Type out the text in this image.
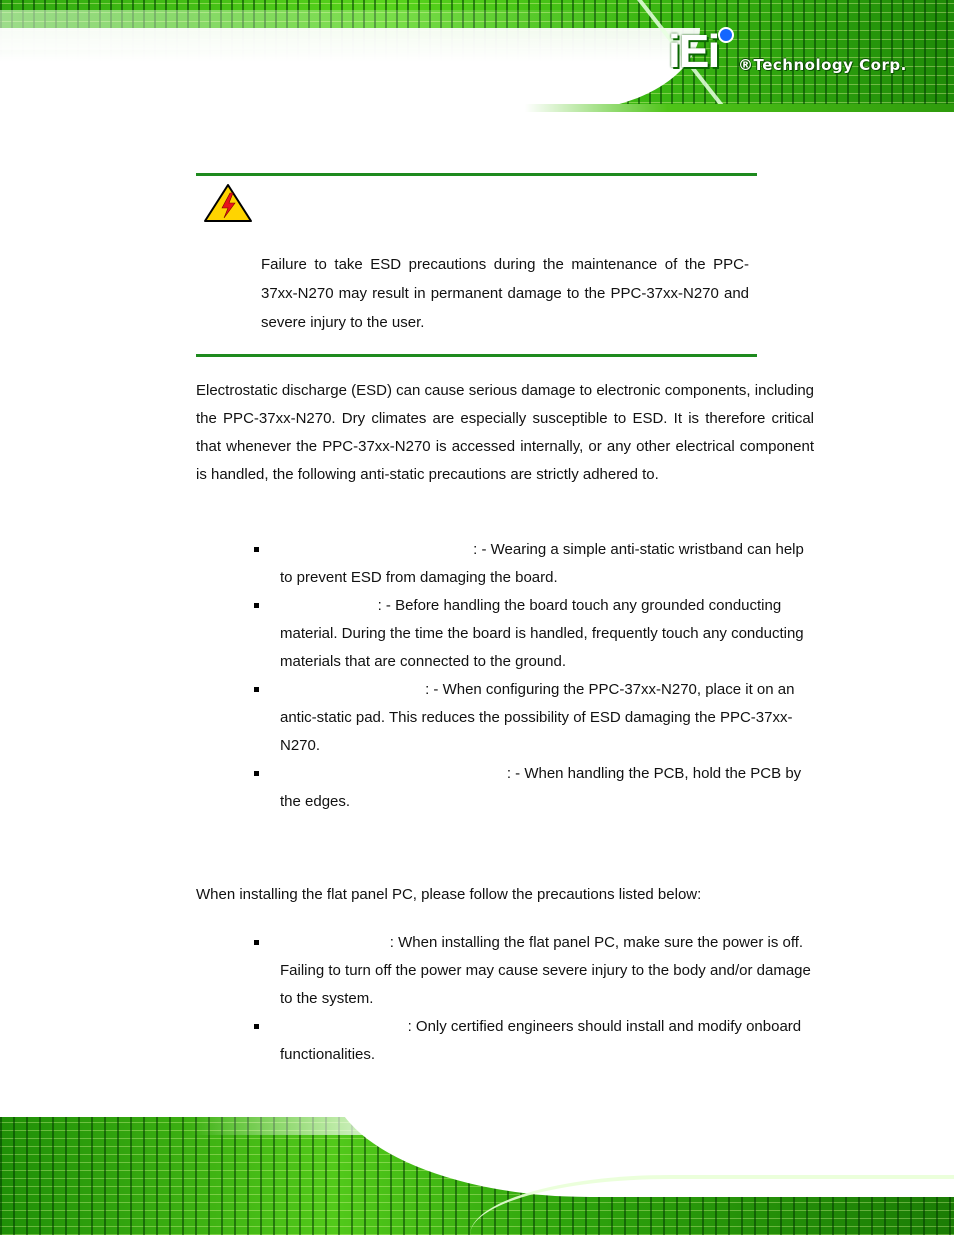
iEi ®Technology Corp.

Failure to take ESD precautions during the maintenance of the PPC-37xx-N270 may result in permanent damage to the PPC-37xx-N270 and severe injury to the user.

Electrostatic discharge (ESD) can cause serious damage to electronic components, including the PPC-37xx-N270. Dry climates are especially susceptible to ESD. It is therefore critical that whenever the PPC-37xx-N270 is accessed internally, or any other electrical component is handled, the following anti-static precautions are strictly adhered to.

: - Wearing a simple anti-static wristband can help to prevent ESD from damaging the board.
: - Before handling the board touch any grounded conducting material. During the time the board is handled, frequently touch any conducting materials that are connected to the ground.
: - When configuring the PPC-37xx-N270, place it on an antic-static pad. This reduces the possibility of ESD damaging the PPC-37xx-N270.
: - When handling the PCB, hold the PCB by the edges.

When installing the flat panel PC, please follow the precautions listed below:

: When installing the flat panel PC, make sure the power is off. Failing to turn off the power may cause severe injury to the body and/or damage to the system.
: Only certified engineers should install and modify onboard functionalities.
